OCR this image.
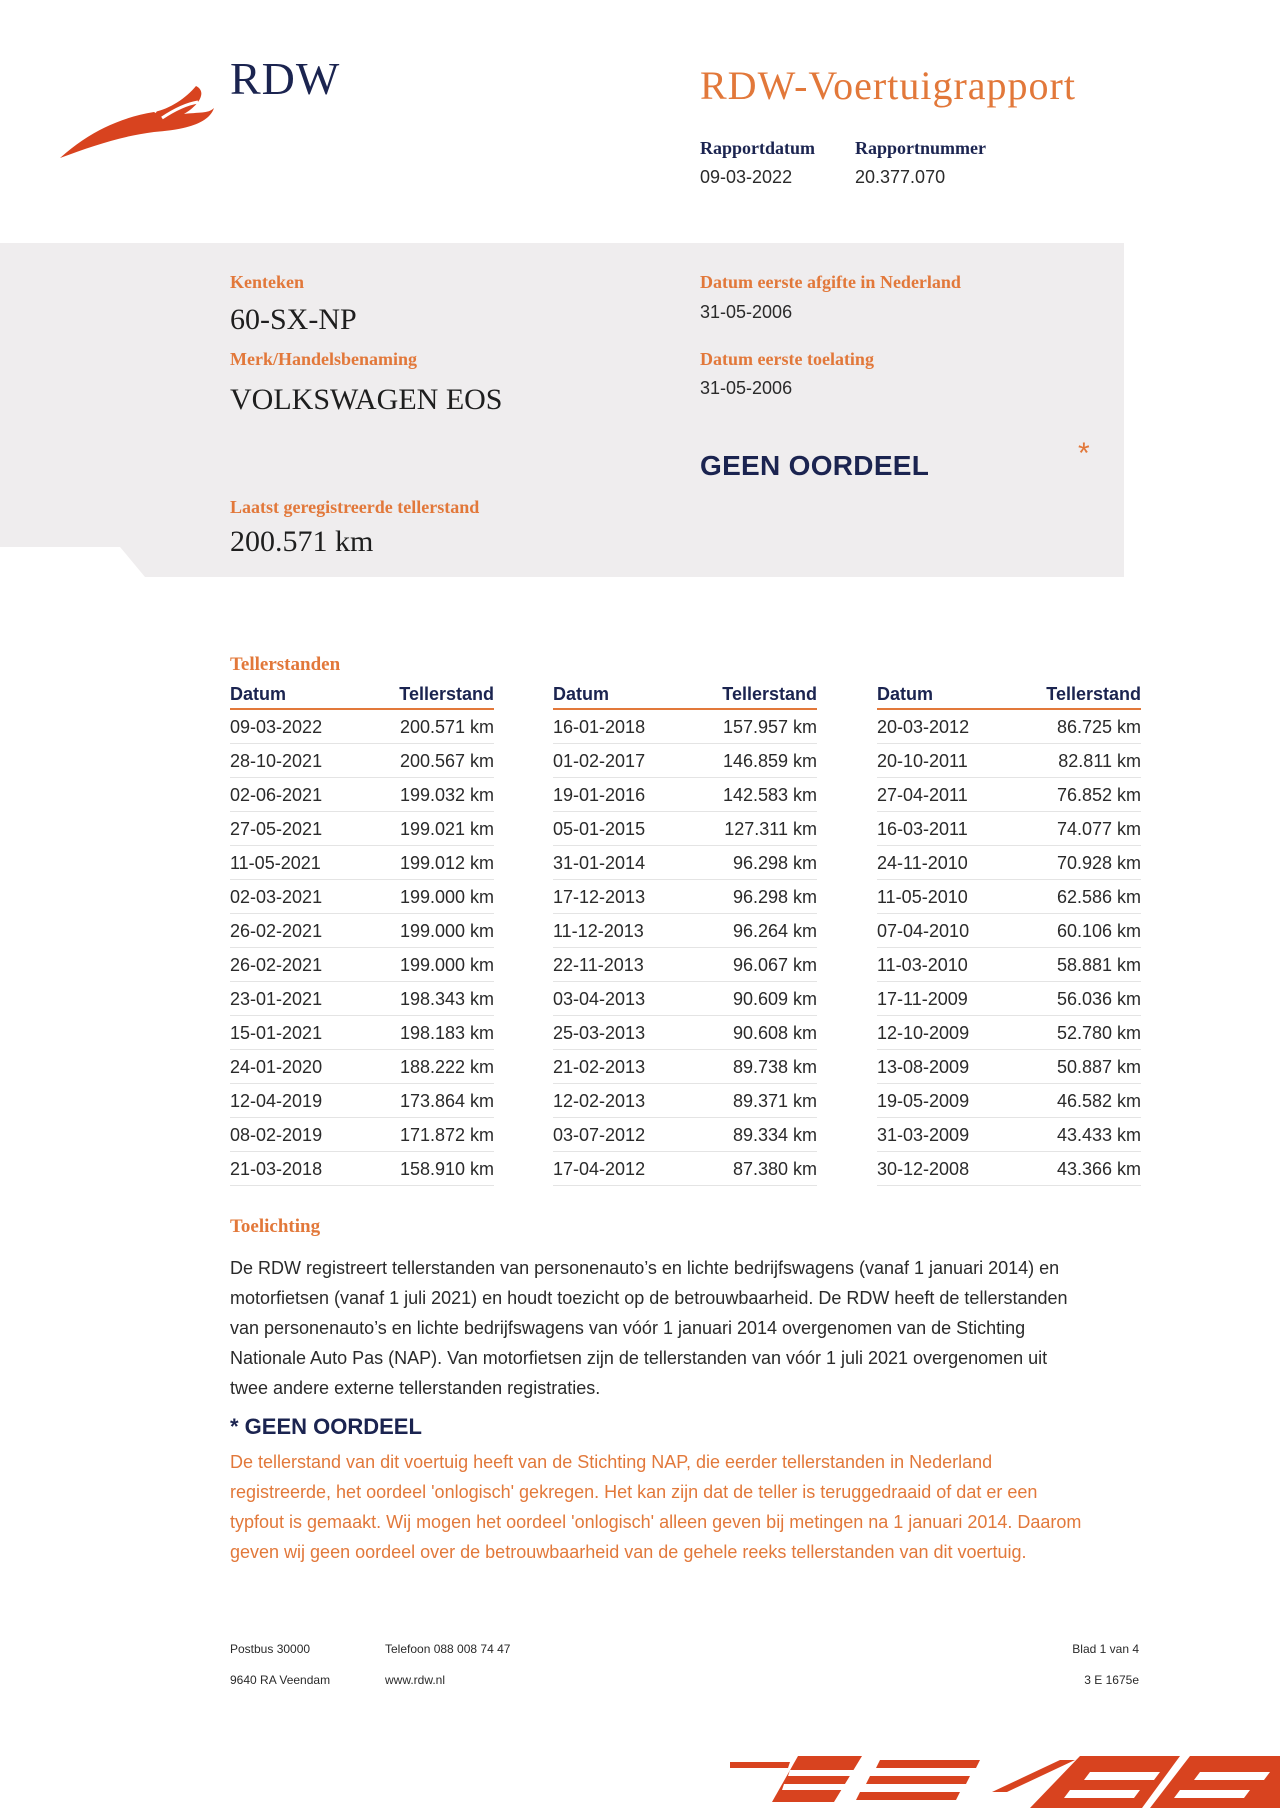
RDW	RDW-Voertuigrapport
Rapportdatum
09-03-2022
Rapportnummer
20.377.070
Kenteken
60-SX-NP
Merk/Handelsbenaming
VOLKSWAGEN EOS
Datum eerste afgifte in Nederland
31-05-2006
Datum eerste toelating
31-05-2006
GEEN OORDEEL	*
Laatst geregistreerde tellerstand
200.571 km
Tellerstanden
Datum	Tellerstand
09-03-2022	200.571 km
28-10-2021	200.567 km
02-06-2021	199.032 km
27-05-2021	199.021 km
11-05-2021	199.012 km
02-03-2021	199.000 km
26-02-2021	199.000 km
26-02-2021	199.000 km
23-01-2021	198.343 km
15-01-2021	198.183 km
24-01-2020	188.222 km
12-04-2019	173.864 km
08-02-2019	171.872 km
21-03-2018	158.910 km
Datum	Tellerstand
16-01-2018	157.957 km
01-02-2017	146.859 km
19-01-2016	142.583 km
05-01-2015	127.311 km
31-01-2014	96.298 km
17-12-2013	96.298 km
11-12-2013	96.264 km
22-11-2013	96.067 km
03-04-2013	90.609 km
25-03-2013	90.608 km
21-02-2013	89.738 km
12-02-2013	89.371 km
03-07-2012	89.334 km
17-04-2012	87.380 km
Datum	Tellerstand
20-03-2012	86.725 km
20-10-2011	82.811 km
27-04-2011	76.852 km
16-03-2011	74.077 km
24-11-2010	70.928 km
11-05-2010	62.586 km
07-04-2010	60.106 km
11-03-2010	58.881 km
17-11-2009	56.036 km
12-10-2009	52.780 km
13-08-2009	50.887 km
19-05-2009	46.582 km
31-03-2009	43.433 km
30-12-2008	43.366 km
Toelichting
De RDW registreert tellerstanden van personenauto’s en lichte bedrijfswagens (vanaf 1 januari 2014) en
motorfietsen (vanaf 1 juli 2021) en houdt toezicht op de betrouwbaarheid. De RDW heeft de tellerstanden
van personenauto’s en lichte bedrijfswagens van vóór 1 januari 2014 overgenomen van de Stichting
Nationale Auto Pas (NAP). Van motorfietsen zijn de tellerstanden van vóór 1 juli 2021 overgenomen uit
twee andere externe tellerstanden registraties.
* GEEN OORDEEL
De tellerstand van dit voertuig heeft van de Stichting NAP, die eerder tellerstanden in Nederland
registreerde, het oordeel 'onlogisch' gekregen. Het kan zijn dat de teller is teruggedraaid of dat er een
typfout is gemaakt. Wij mogen het oordeel 'onlogisch' alleen geven bij metingen na 1 januari 2014. Daarom
geven wij geen oordeel over de betrouwbaarheid van de gehele reeks tellerstanden van dit voertuig.
Postbus 30000
9640 RA Veendam
Telefoon 088 008 74 47
www.rdw.nl
Blad 1 van 4
3 E 1675e
